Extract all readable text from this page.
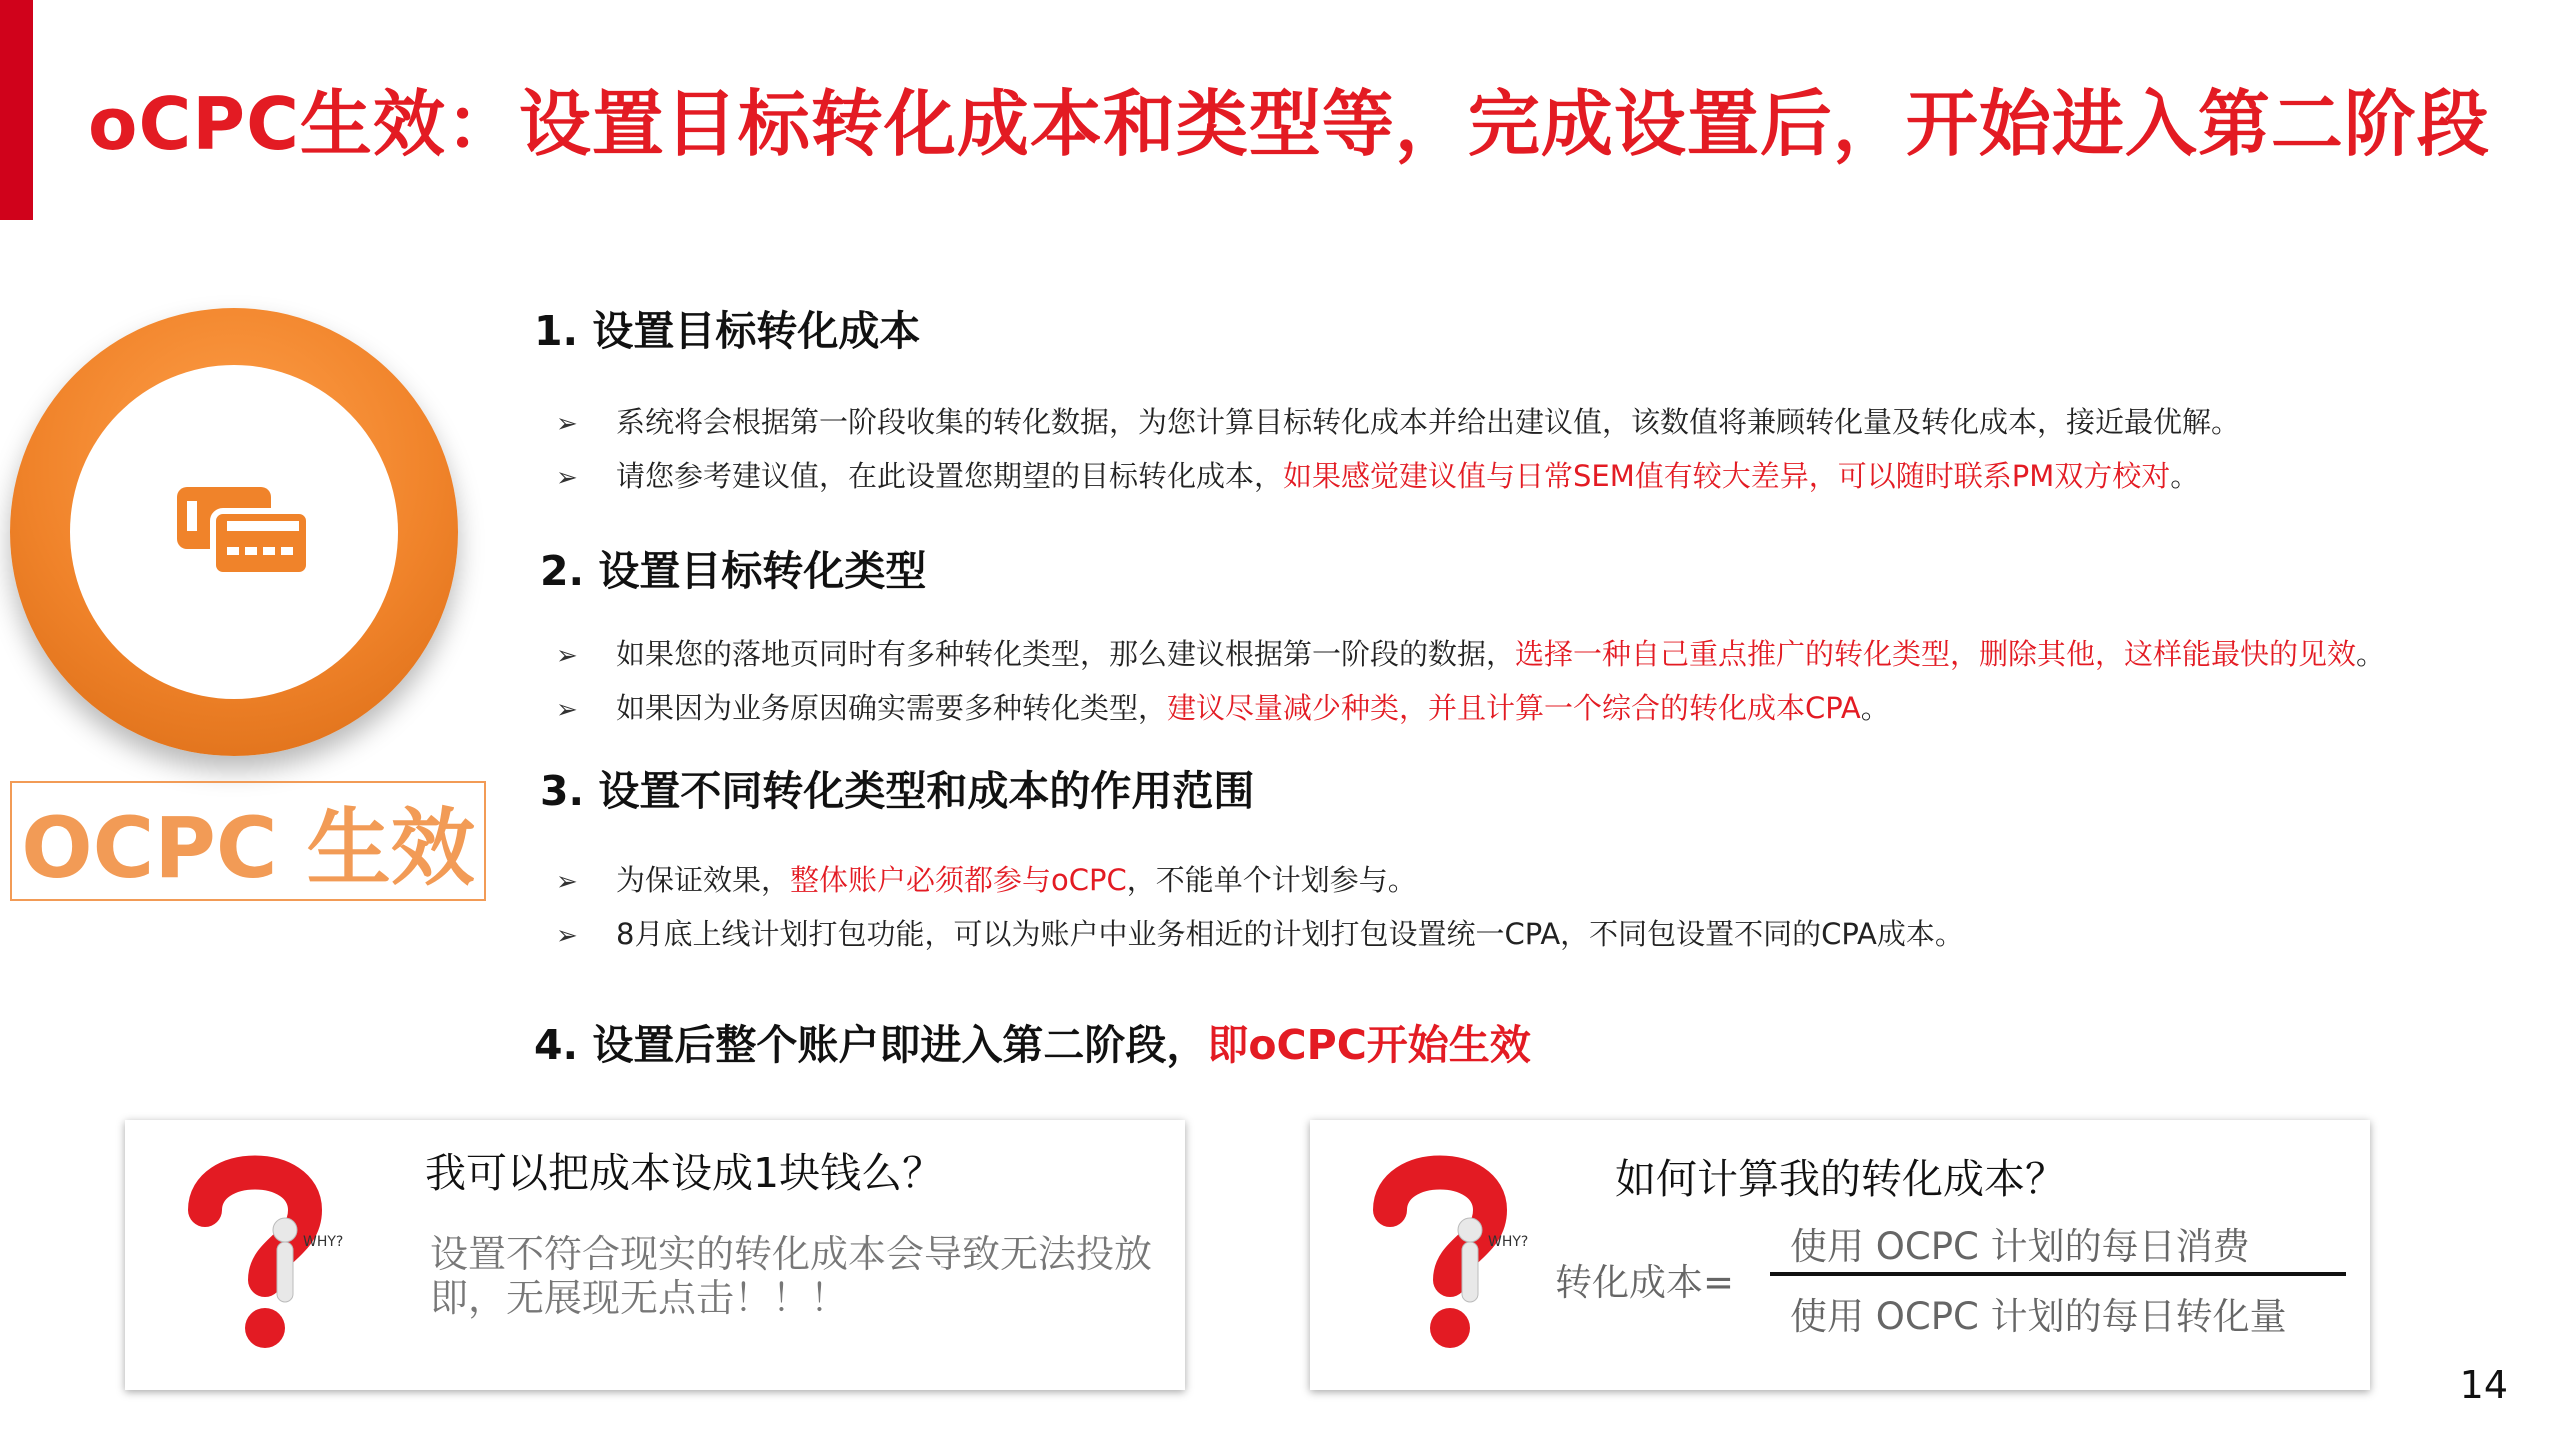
oCPC生效：设置目标转化成本和类型等，完成设置后，开始进入第二阶段
OCPC 生效
1. 设置目标转化成本
➢ 系统将会根据第一阶段收集的转化数据，为您计算目标转化成本并给出建议值，该数值将兼顾转化量及转化成本，接近最优解。
➢ 请您参考建议值，在此设置您期望的目标转化成本，如果感觉建议值与日常SEM值有较大差异，可以随时联系PM双方校对。
2. 设置目标转化类型
➢ 如果您的落地页同时有多种转化类型，那么建议根据第一阶段的数据，选择一种自己重点推广的转化类型，删除其他，这样能最快的见效。
➢ 如果因为业务原因确实需要多种转化类型，建议尽量减少种类，并且计算一个综合的转化成本CPA。
3. 设置不同转化类型和成本的作用范围
➢ 为保证效果，整体账户必须都参与oCPC，不能单个计划参与。
➢ 8月底上线计划打包功能，可以为账户中业务相近的计划打包设置统一CPA，不同包设置不同的CPA成本。
4. 设置后整个账户即进入第二阶段，即oCPC开始生效
WHY?
我可以把成本设成1块钱么？
设置不符合现实的转化成本会导致无法投放
即，无展现无点击！！！
WHY?
如何计算我的转化成本？
转化成本=
使用 OCPC 计划的每日消费
使用 OCPC 计划的每日转化量
14
